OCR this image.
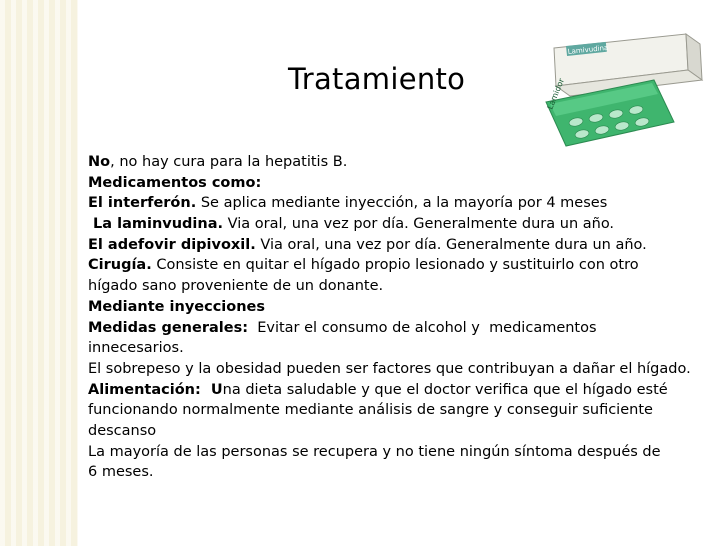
Tratamiento
Lamivudina
Lamidor
No, no hay cura para la hepatitis B.
Medicamentos como:
El interferón. Se aplica mediante inyección, a la mayoría por 4 meses
La laminvudina. Via oral, una vez por día. Generalmente dura un año.
El adefovir dipivoxil. Via oral, una vez por día. Generalmente dura un año.
Cirugía. Consiste en quitar el hígado propio lesionado y sustituirlo con otro
hígado sano proveniente de un donante.
Mediante inyecciones
Medidas generales:  Evitar el consumo de alcohol y  medicamentos
innecesarios.
El sobrepeso y la obesidad pueden ser factores que contribuyan a dañar el hígado.
Alimentación:  Una dieta saludable y que el doctor verifica que el hígado esté
funcionando normalmente mediante análisis de sangre y conseguir suficiente
descanso
La mayoría de las personas se recupera y no tiene ningún síntoma después de
6 meses.
